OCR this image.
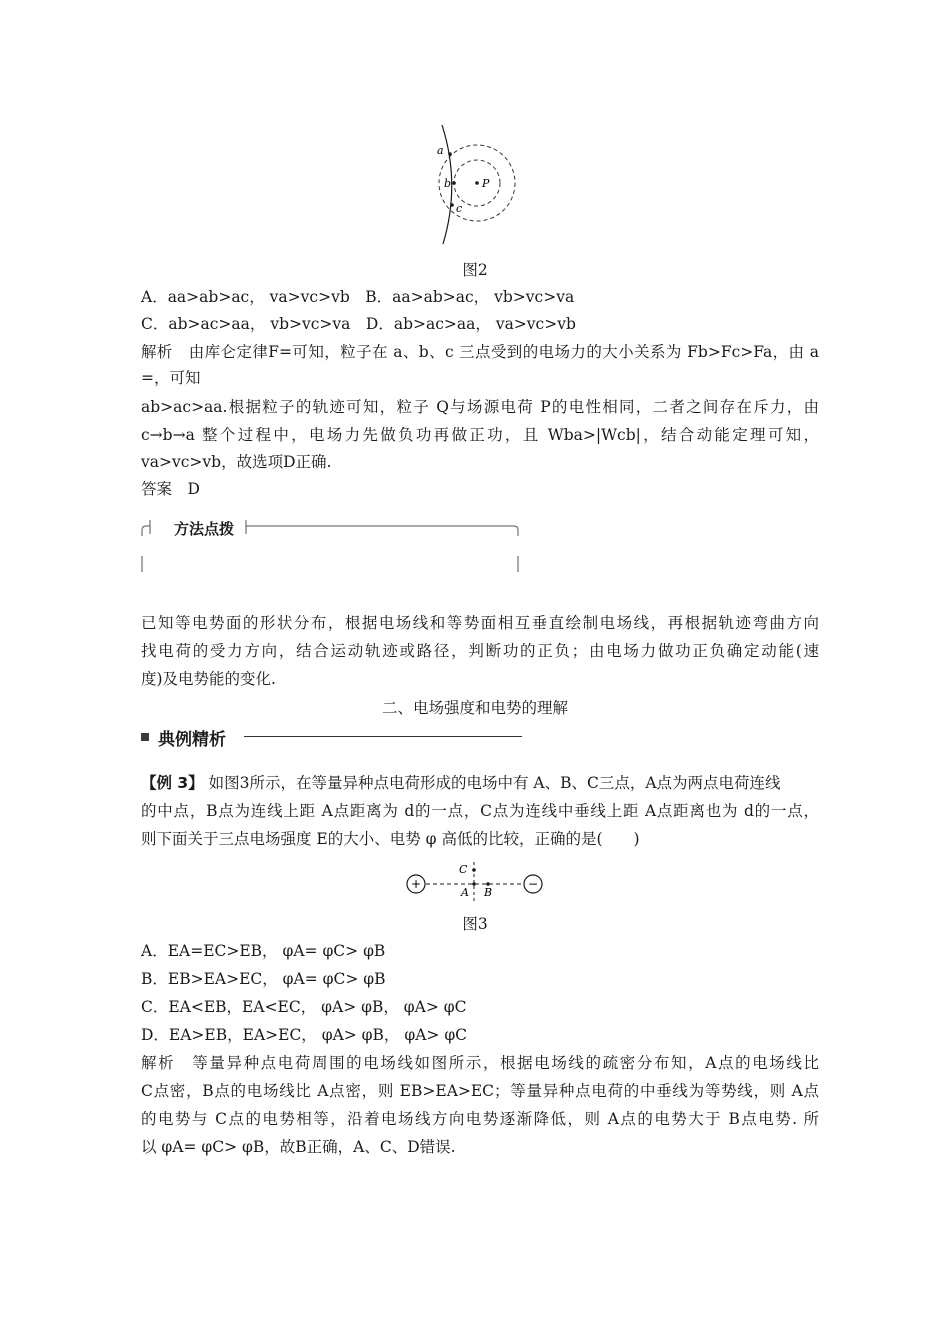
a
b
c
P
图2
A．aa>ab>ac， va>vc>vb　B．aa>ab>ac， vb>vc>va
C．ab>ac>aa， vb>vc>va　D．ab>ac>aa， va>vc>vb
解析　由库仑定律F=可知，粒子在 a、b、c 三点受到的电场力的大小关系为 Fb>Fc>Fa，由 a
=，可知
ab>ac>aa.根据粒子的轨迹可知，粒子 Q与场源电荷 P的电性相同，二者之间存在斥力，由
c→b→a 整个过程中，电场力先做负功再做正功，且 Wba>|Wcb|，结合动能定理可知，
va>vc>vb，故选项D正确.
答案　D
方法点拨
已知等电势面的形状分布，根据电场线和等势面相互垂直绘制电场线，再根据轨迹弯曲方向
找电荷的受力方向，结合运动轨迹或路径，判断功的正负；由电场力做功正负确定动能(速
度)及电势能的变化.
二、电场强度和电势的理解
典例精析
【例 3】 如图3所示，在等量异种点电荷形成的电场中有 A、B、C三点，A点为两点电荷连线
的中点，B点为连线上距 A点距离为 d的一点，C点为连线中垂线上距 A点距离也为 d的一点，
则下面关于三点电场强度 E的大小、电势 φ 高低的比较，正确的是(　　)
+	−
C
A B
图3
A．EA=EC>EB， φA= φC> φB
B．EB>EA>EC， φA= φC> φB
C．EA<EB，EA<EC， φA> φB， φA> φC
D．EA>EB，EA>EC， φA> φB， φA> φC
解析　等量异种点电荷周围的电场线如图所示，根据电场线的疏密分布知，A点的电场线比
C点密，B点的电场线比 A点密，则 EB>EA>EC；等量异种点电荷的中垂线为等势线，则 A点
的电势与 C点的电势相等，沿着电场线方向电势逐渐降低，则 A点的电势大于 B点电势. 所
以 φA= φC> φB，故B正确，A、C、D错误.
